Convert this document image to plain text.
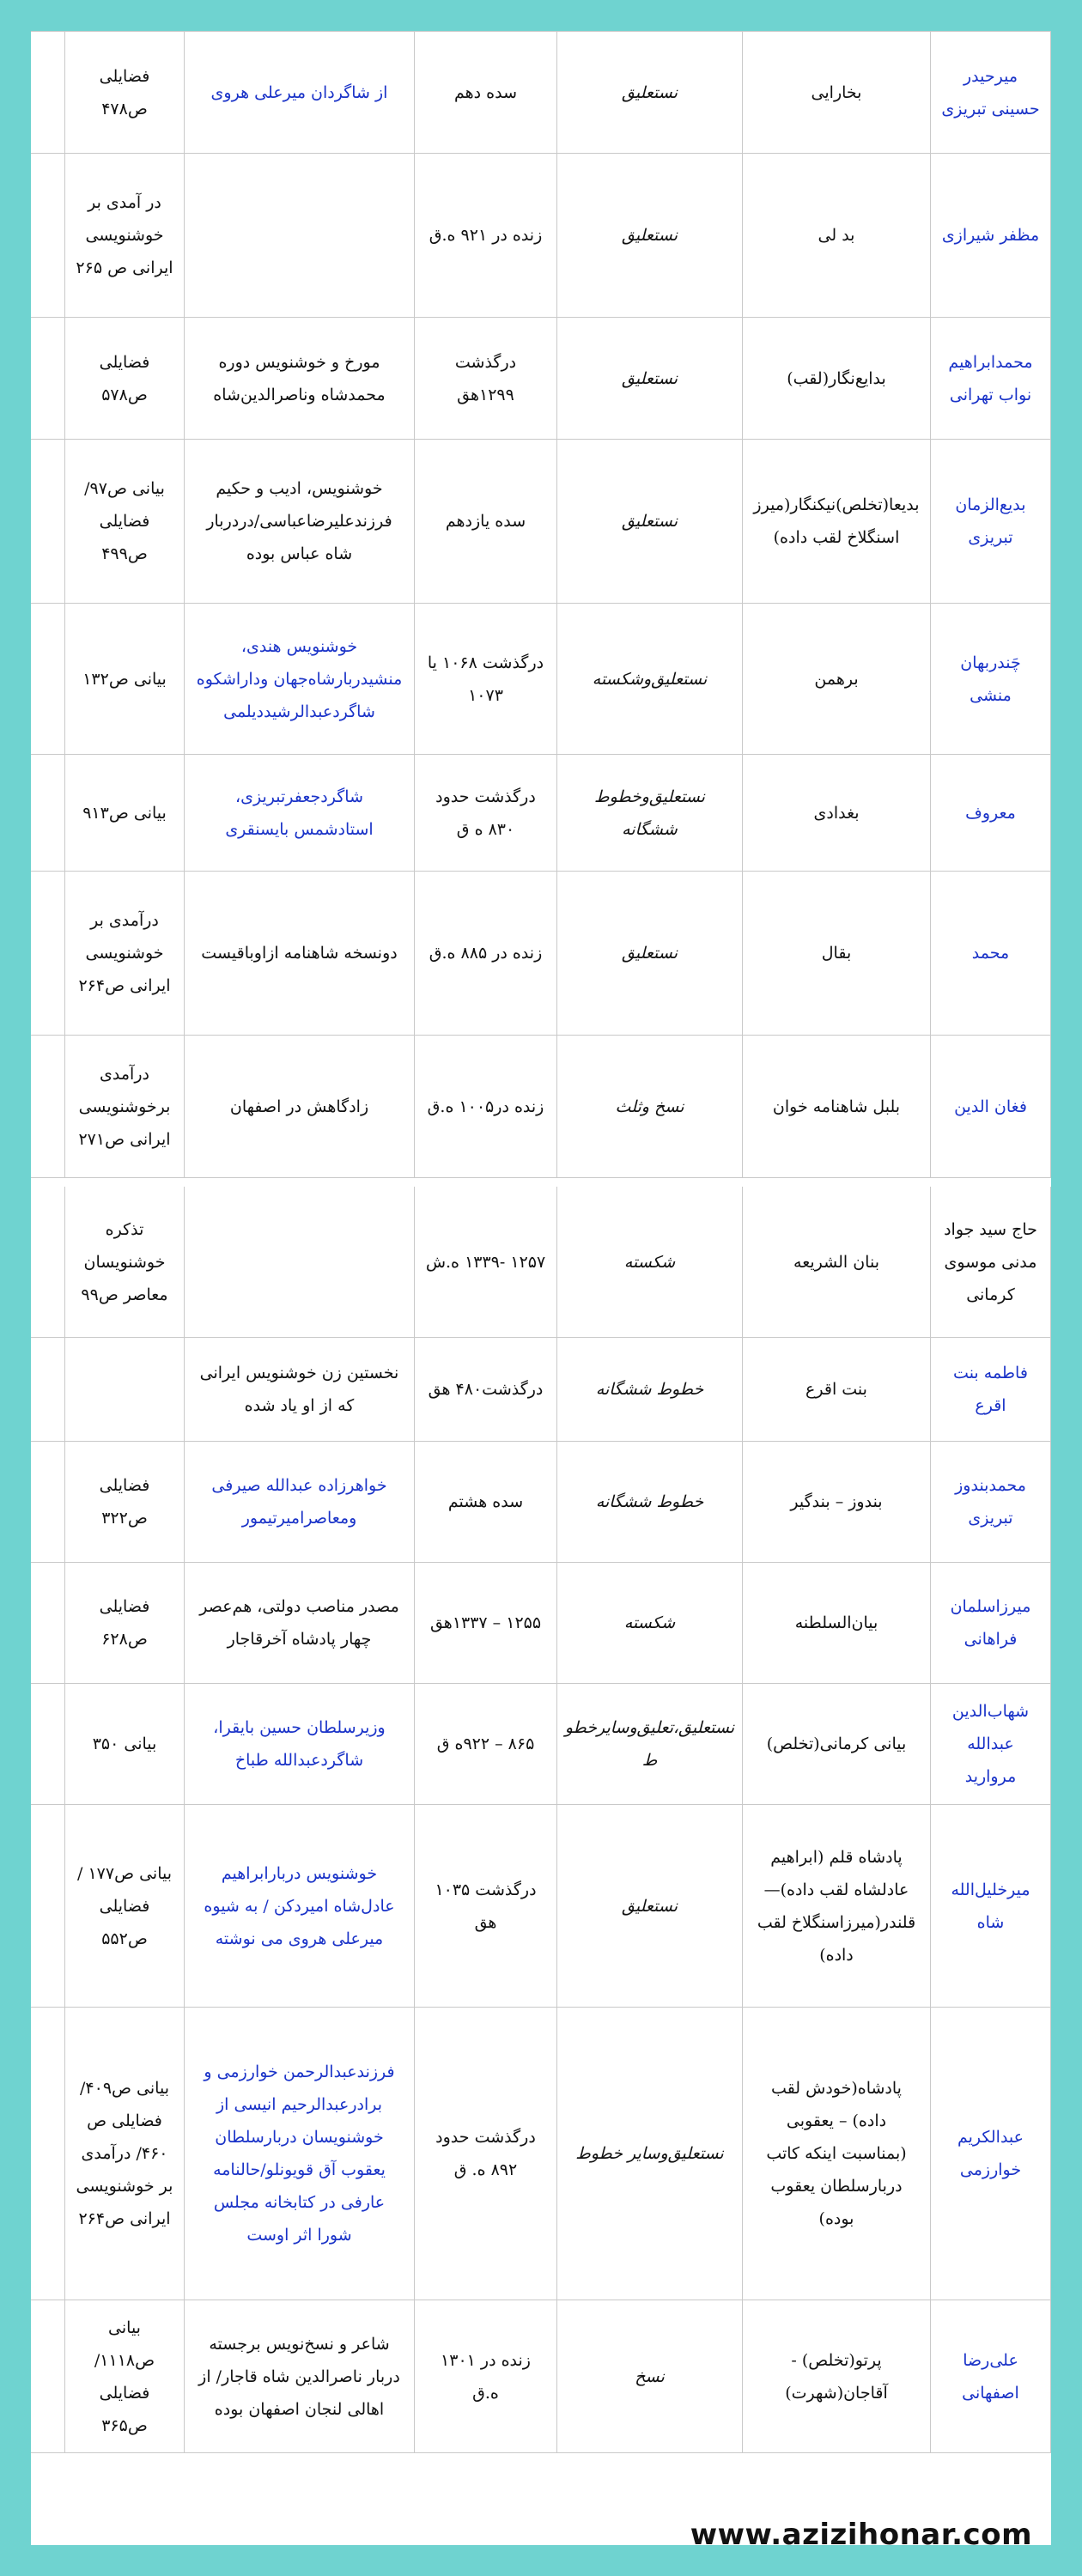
میرحیدر حسینی تبریزی
بخارایی
نستعلیق
سده دهم
از شاگردان میرعلی هروی
فضایلی ص۴۷۸
مظفر شیرازی
بد لی
نستعلیق
زنده در ۹۲۱ ه.ق
در آمدی بر خوشنویسی ایرانی ص ۲۶۵
محمدابراهیم نواب تهرانی
بدایع‌نگار(لقب)
نستعلیق
درگذشت ۱۲۹۹هق
مورخ و خوشنویس دوره محمدشاه وناصرالدین‌شاه
فضایلی ص۵۷۸
بدیع‌الزمان تبریزی
بدیعا(تخلص)نیکنگار(میرز اسنگلاخ لقب داده)
نستعلیق
سده یازدهم
خوشنویس، ادیب و حکیم فرزندعلیرضاعباسی/دردربار شاه عباس بوده
بیانی ص۹۷/فضایلی ص۴۹۹
چَندربهان منشی
برهمن
نستعلیق‌وشکسته
درگذشت ۱۰۶۸ یا ۱۰۷۳
خوشنویس هندی، منشیدربارشاه‌جهان وداراشکوه شاگردعبدالرشیددیلمی
بیانی ص۱۳۲
معروف
بغدادی
نستعلیق‌وخطوط ششگانه
درگذشت حدود ۸۳۰ ه ق
شاگردجعفرتبریزی، استادشمس بایسنقری
بیانی ص۹۱۳
محمد
بقال
نستعلیق
زنده در ۸۸۵ ه.ق
دونسخه شاهنامه ازاوباقیست
درآمدی بر خوشنویسی ایرانی ص۲۶۴
فغان الدین
بلبل شاهنامه خوان
نسخ وثلث
زنده در۱۰۰۵ ه.ق
زادگاهش در اصفهان
درآمدی برخوشنویسی ایرانی ص۲۷۱
حاج سید جواد مدنی موسوی کرمانی
بنان الشریعه
شکسته
۱۲۵۷ -۱۳۳۹ ه.ش
تذکره خوشنویسان معاصر ص۹۹
فاطمه بنت اقرع
بنت اقرع
خطوط ششگانه
درگذشت۴۸۰ هق
نخستین زن خوشنویس ایرانی که از او یاد شده
محمدبندوز تبریزی
بندوز – بندگیر
خطوط ششگانه
سده هشتم
خواهرزاده عبدالله صیرفی ومعاصرامیرتیمور
فضایلی ص۳۲۲
میرزاسلمان فراهانی
بیان‌السلطنه
شکسته
۱۲۵۵ – ۱۳۳۷هق
مصدر مناصب دولتی، هم‌عصر چهار پادشاه آخرقاجار
فضایلی ص۶۲۸
شهاب‌الدین عبدالله مروارید
بیانی کرمانی(تخلص)
نستعلیق،تعلیق‌وسایرخطو ط
۸۶۵ – ۹۲۲ه ق
وزیرسلطان حسین بایقرا، شاگردعبدالله طباخ
بیانی ۳۵۰
میرخلیل‌الله شاه
پادشاه قلم (ابراهیم عادلشاه لقب داده)—قلندر(میرزاسنگلاخ لقب داده)
نستعلیق
درگذشت ۱۰۳۵ هق
خوشنویس دربارابراهیم عادل‌شاه امیردکن / به شیوه میرعلی هروی می نوشته
بیانی ص۱۷۷ / فضایلی ص۵۵۲
عبدالکریم خوارزمی
پادشاه(خودش لقب داده) – یعقوبی (بمناسبت اینکه کاتب دربارسلطان یعقوب بوده)
نستعلیق‌وسایر خطوط
درگذشت حدود ۸۹۲ ه. ق
فرزندعبدالرحمن خوارزمی و برادرعبدالرحیم انیسی از خوشنویسان دربارسلطان یعقوب آق قویونلو/حالنامه عارفی در کتابخانه مجلس شورا اثر اوست
بیانی ص۴۰۹/ فضایلی ص ۴۶۰/ درآمدی بر خوشنویسی ایرانی ص۲۶۴
علی‌رضا اصفهانی
پرتو(تخلص) - آقاجان(شهرت)
نسخ
زنده در ۱۳۰۱ ه.ق
شاعر و نسخ‌نویس برجسته دربار ناصرالدین شاه قاجار/ از اهالی لنجان اصفهان بوده
بیانی ص۱۱۱۸/فضایلی ص۳۶۵
www.azizihonar.com
